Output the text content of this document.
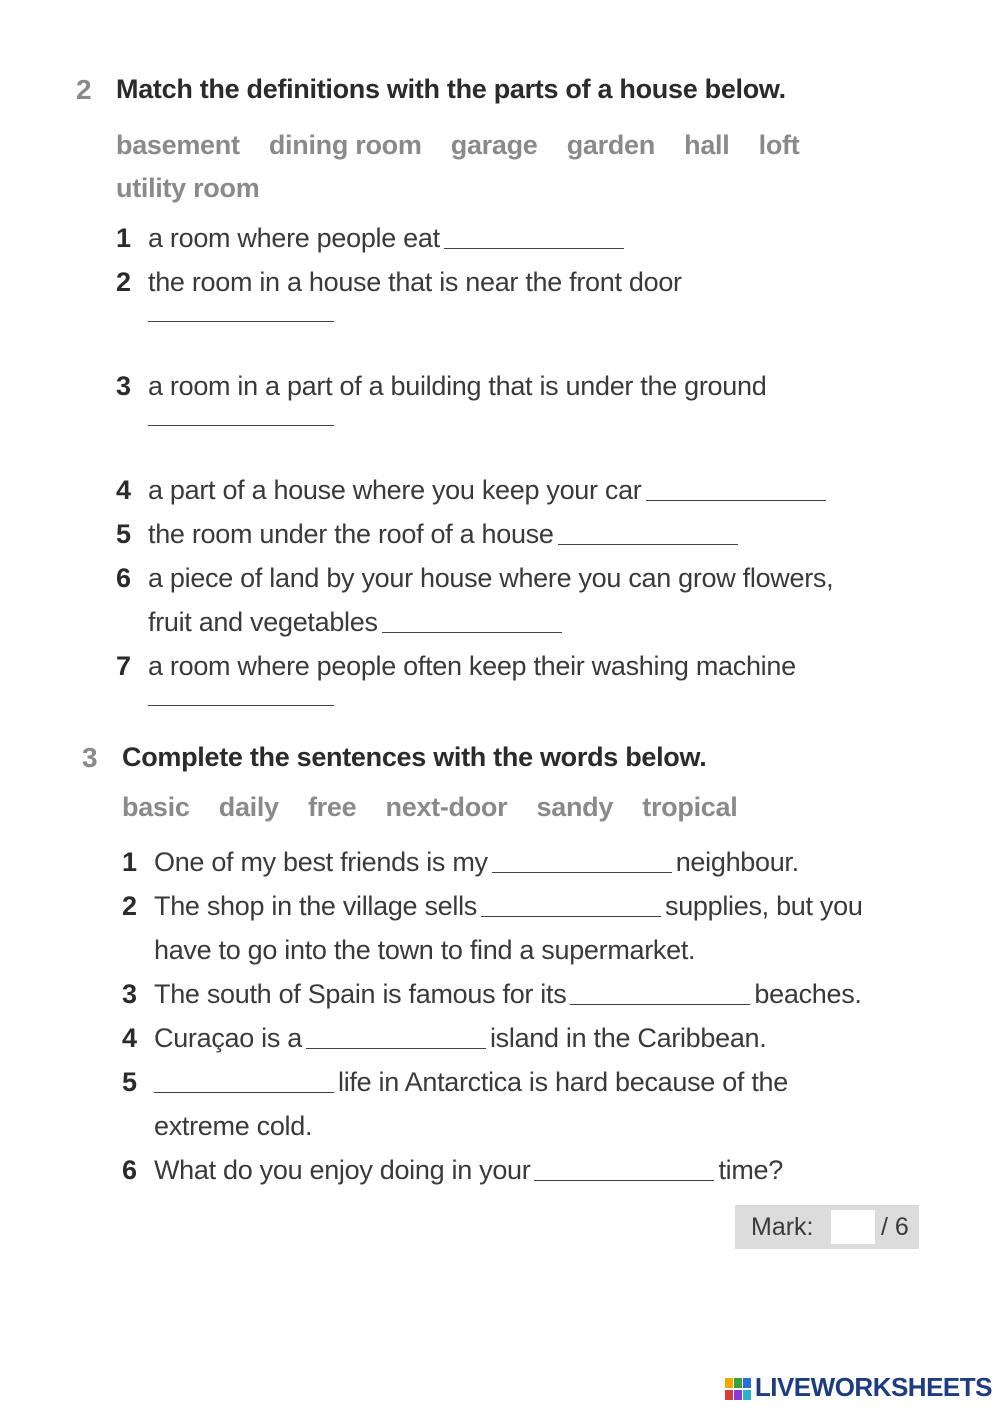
2 Match the definitions with the parts of a house below.
basement dining room garage garden hall loft
utility room
1 a room where people eat
2 the room in a house that is near the front door
3 a room in a part of a building that is under the ground
4 a part of a house where you keep your car
5 the room under the roof of a house
6 a piece of land by your house where you can grow flowers,
fruit and vegetables
7 a room where people often keep their washing machine
3 Complete the sentences with the words below.
basic daily free next-door sandy tropical
1 One of my best friends is my	neighbour.
2 The shop in the village sells	supplies, but you
have to go into the town to find a supermarket.
3 The south of Spain is famous for its	beaches.
4 Curaçao is a	island in the Caribbean.
5	life in Antarctica is hard because of the
extreme cold.
6 What do you enjoy doing in your	time?
Mark:	/ 6
LIVEWORKSHEETS
